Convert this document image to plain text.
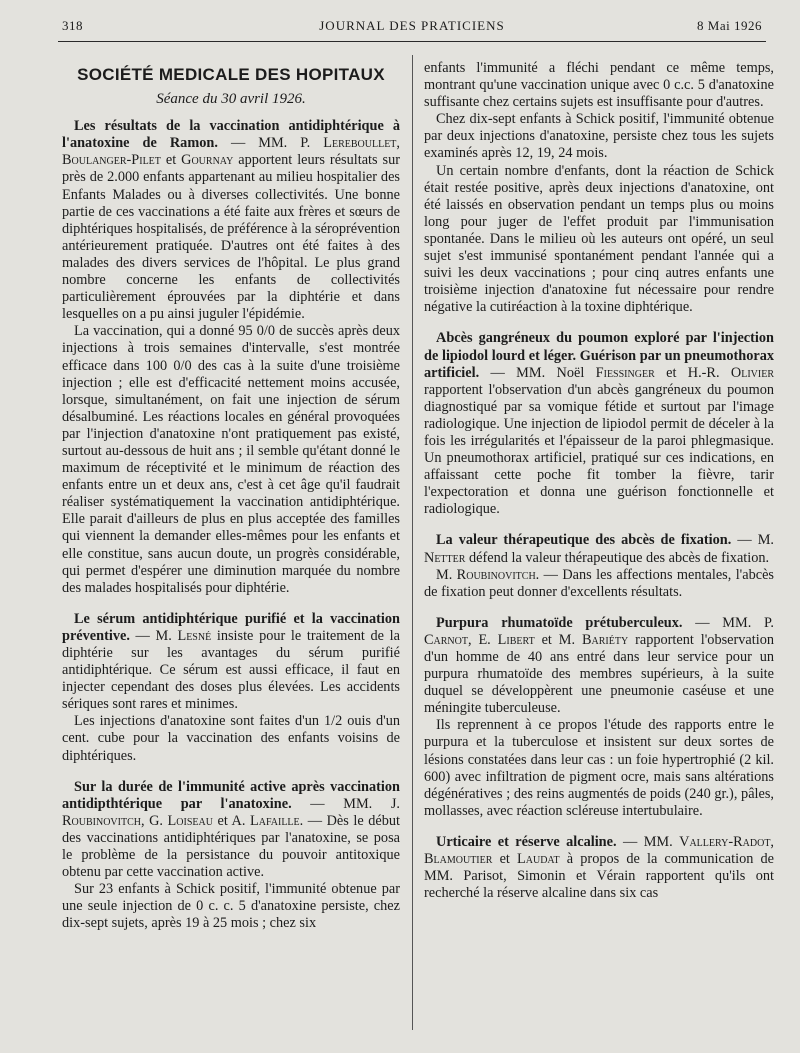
318	JOURNAL DES PRATICIENS	8 Mai 1926

SOCIÉTÉ MEDICALE DES HOPITAUX

Séance du 30 avril 1926.

Les résultats de la vaccination antidiphtérique à l'anatoxine de Ramon. — MM. P. Lereboullet, Boulanger-Pilet et Gournay apportent leurs résultats sur près de 2.000 enfants appartenant au milieu hospitalier des Enfants Malades ou à diverses collectivités. Une bonne partie de ces vaccinations a été faite aux frères et sœurs de diphtériques hospitalisés, de préférence à la séroprévention antérieurement pratiquée. D'autres ont été faites à des malades des divers services de l'hôpital. Le plus grand nombre concerne les enfants de collectivités particulièrement éprouvées par la diphtérie et dans lesquelles on a pu ainsi juguler l'épidémie.

La vaccination, qui a donné 95 0/0 de succès après deux injections à trois semaines d'intervalle, s'est montrée efficace dans 100 0/0 des cas à la suite d'une troisième injection ; elle est d'efficacité nettement moins accusée, lorsque, simultanément, on fait une injection de sérum désalbuminé. Les réactions locales en général provoquées par l'injection d'anatoxine n'ont pratiquement pas existé, surtout au-dessous de huit ans ; il semble qu'étant donné le maximum de réceptivité et le minimum de réaction des enfants entre un et deux ans, c'est à cet âge qu'il faudrait réaliser systématiquement la vaccination antidiphtérique. Elle parait d'ailleurs de plus en plus acceptée des familles qui viennent la demander elles-mêmes pour les enfants et elle constitue, sans aucun doute, un progrès considérable, qui permet d'espérer une diminution marquée du nombre des malades hospitalisés pour diphtérie.

Le sérum antidiphtérique purifié et la vaccination préventive. — M. Lesné insiste pour le traitement de la diphtérie sur les avantages du sérum purifié antidiphtérique. Ce sérum est aussi efficace, il faut en injecter cependant des doses plus élevées. Les accidents sériques sont rares et minimes.

Les injections d'anatoxine sont faites d'un 1/2 ouis d'un cent. cube pour la vaccination des enfants voisins de diphtériques.

Sur la durée de l'immunité active après vaccination antidipthtérique par l'anatoxine. — MM. J. Roubinovitch, G. Loiseau et A. Lafaille. — Dès le début des vaccinations antidiphtériques par l'anatoxine, se posa le problème de la persistance du pouvoir antitoxique obtenu par cette vaccination active.

Sur 23 enfants à Schick positif, l'immunité obtenue par une seule injection de 0 c. c. 5 d'anatoxine persiste, chez dix-sept sujets, après 19 à 25 mois ; chez six

enfants l'immunité a fléchi pendant ce même temps, montrant qu'une vaccination unique avec 0 c.c. 5 d'anatoxine suffisante chez certains sujets est insuffisante pour d'autres.

Chez dix-sept enfants à Schick positif, l'immunité obtenue par deux injections d'anatoxine, persiste chez tous les sujets examinés après 12, 19, 24 mois.

Un certain nombre d'enfants, dont la réaction de Schick était restée positive, après deux injections d'anatoxine, ont été laissés en observation pendant un temps plus ou moins long pour juger de l'effet produit par l'immunisation spontanée. Dans le milieu où les auteurs ont opéré, un seul sujet s'est immunisé spontanément pendant l'année qui a suivi les deux vaccinations ; pour cinq autres enfants une troisième injection d'anatoxine fut nécessaire pour rendre négative la cutiréaction à la toxine diphtérique.

Abcès gangréneux du poumon exploré par l'injection de lipiodol lourd et léger. Guérison par un pneumothorax artificiel. — MM. Noël Fiessinger et H.-R. Olivier rapportent l'observation d'un abcès gangréneux du poumon diagnostiqué par sa vomique fétide et surtout par l'image radiologique. Une injection de lipiodol permit de déceler à la fois les irrégularités et l'épaisseur de la paroi phlegmasique. Un pneumothorax artificiel, pratiqué sur ces indications, en affaissant cette poche fit tomber la fièvre, tarir l'expectoration et donna une guérison fonctionnelle et radiologique.

La valeur thérapeutique des abcès de fixation. — M. Netter défend la valeur thérapeutique des abcès de fixation.

M. Roubinovitch. — Dans les affections mentales, l'abcès de fixation peut donner d'excellents résultats.

Purpura rhumatoïde prétuberculeux. — MM. P. Carnot, E. Libert et M. Bariéty rapportent l'observation d'un homme de 40 ans entré dans leur service pour un purpura rhumatoïde des membres supérieurs, à la suite duquel se développèrent une pneumonie caséuse et une méningite tuberculeuse.

Ils reprennent à ce propos l'étude des rapports entre le purpura et la tuberculose et insistent sur deux sortes de lésions constatées dans leur cas : un foie hypertrophié (2 kil. 600) avec infiltration de pigment ocre, mais sans altérations dégénératives ; des reins augmentés de poids (240 gr.), pâles, mollasses, avec réaction scléreuse intertubulaire.

Urticaire et réserve alcaline. — MM. Vallery-Radot, Blamoutier et Laudat à propos de la communication de MM. Parisot, Simonin et Vérain rapportent qu'ils ont recherché la réserve alcaline dans six cas
